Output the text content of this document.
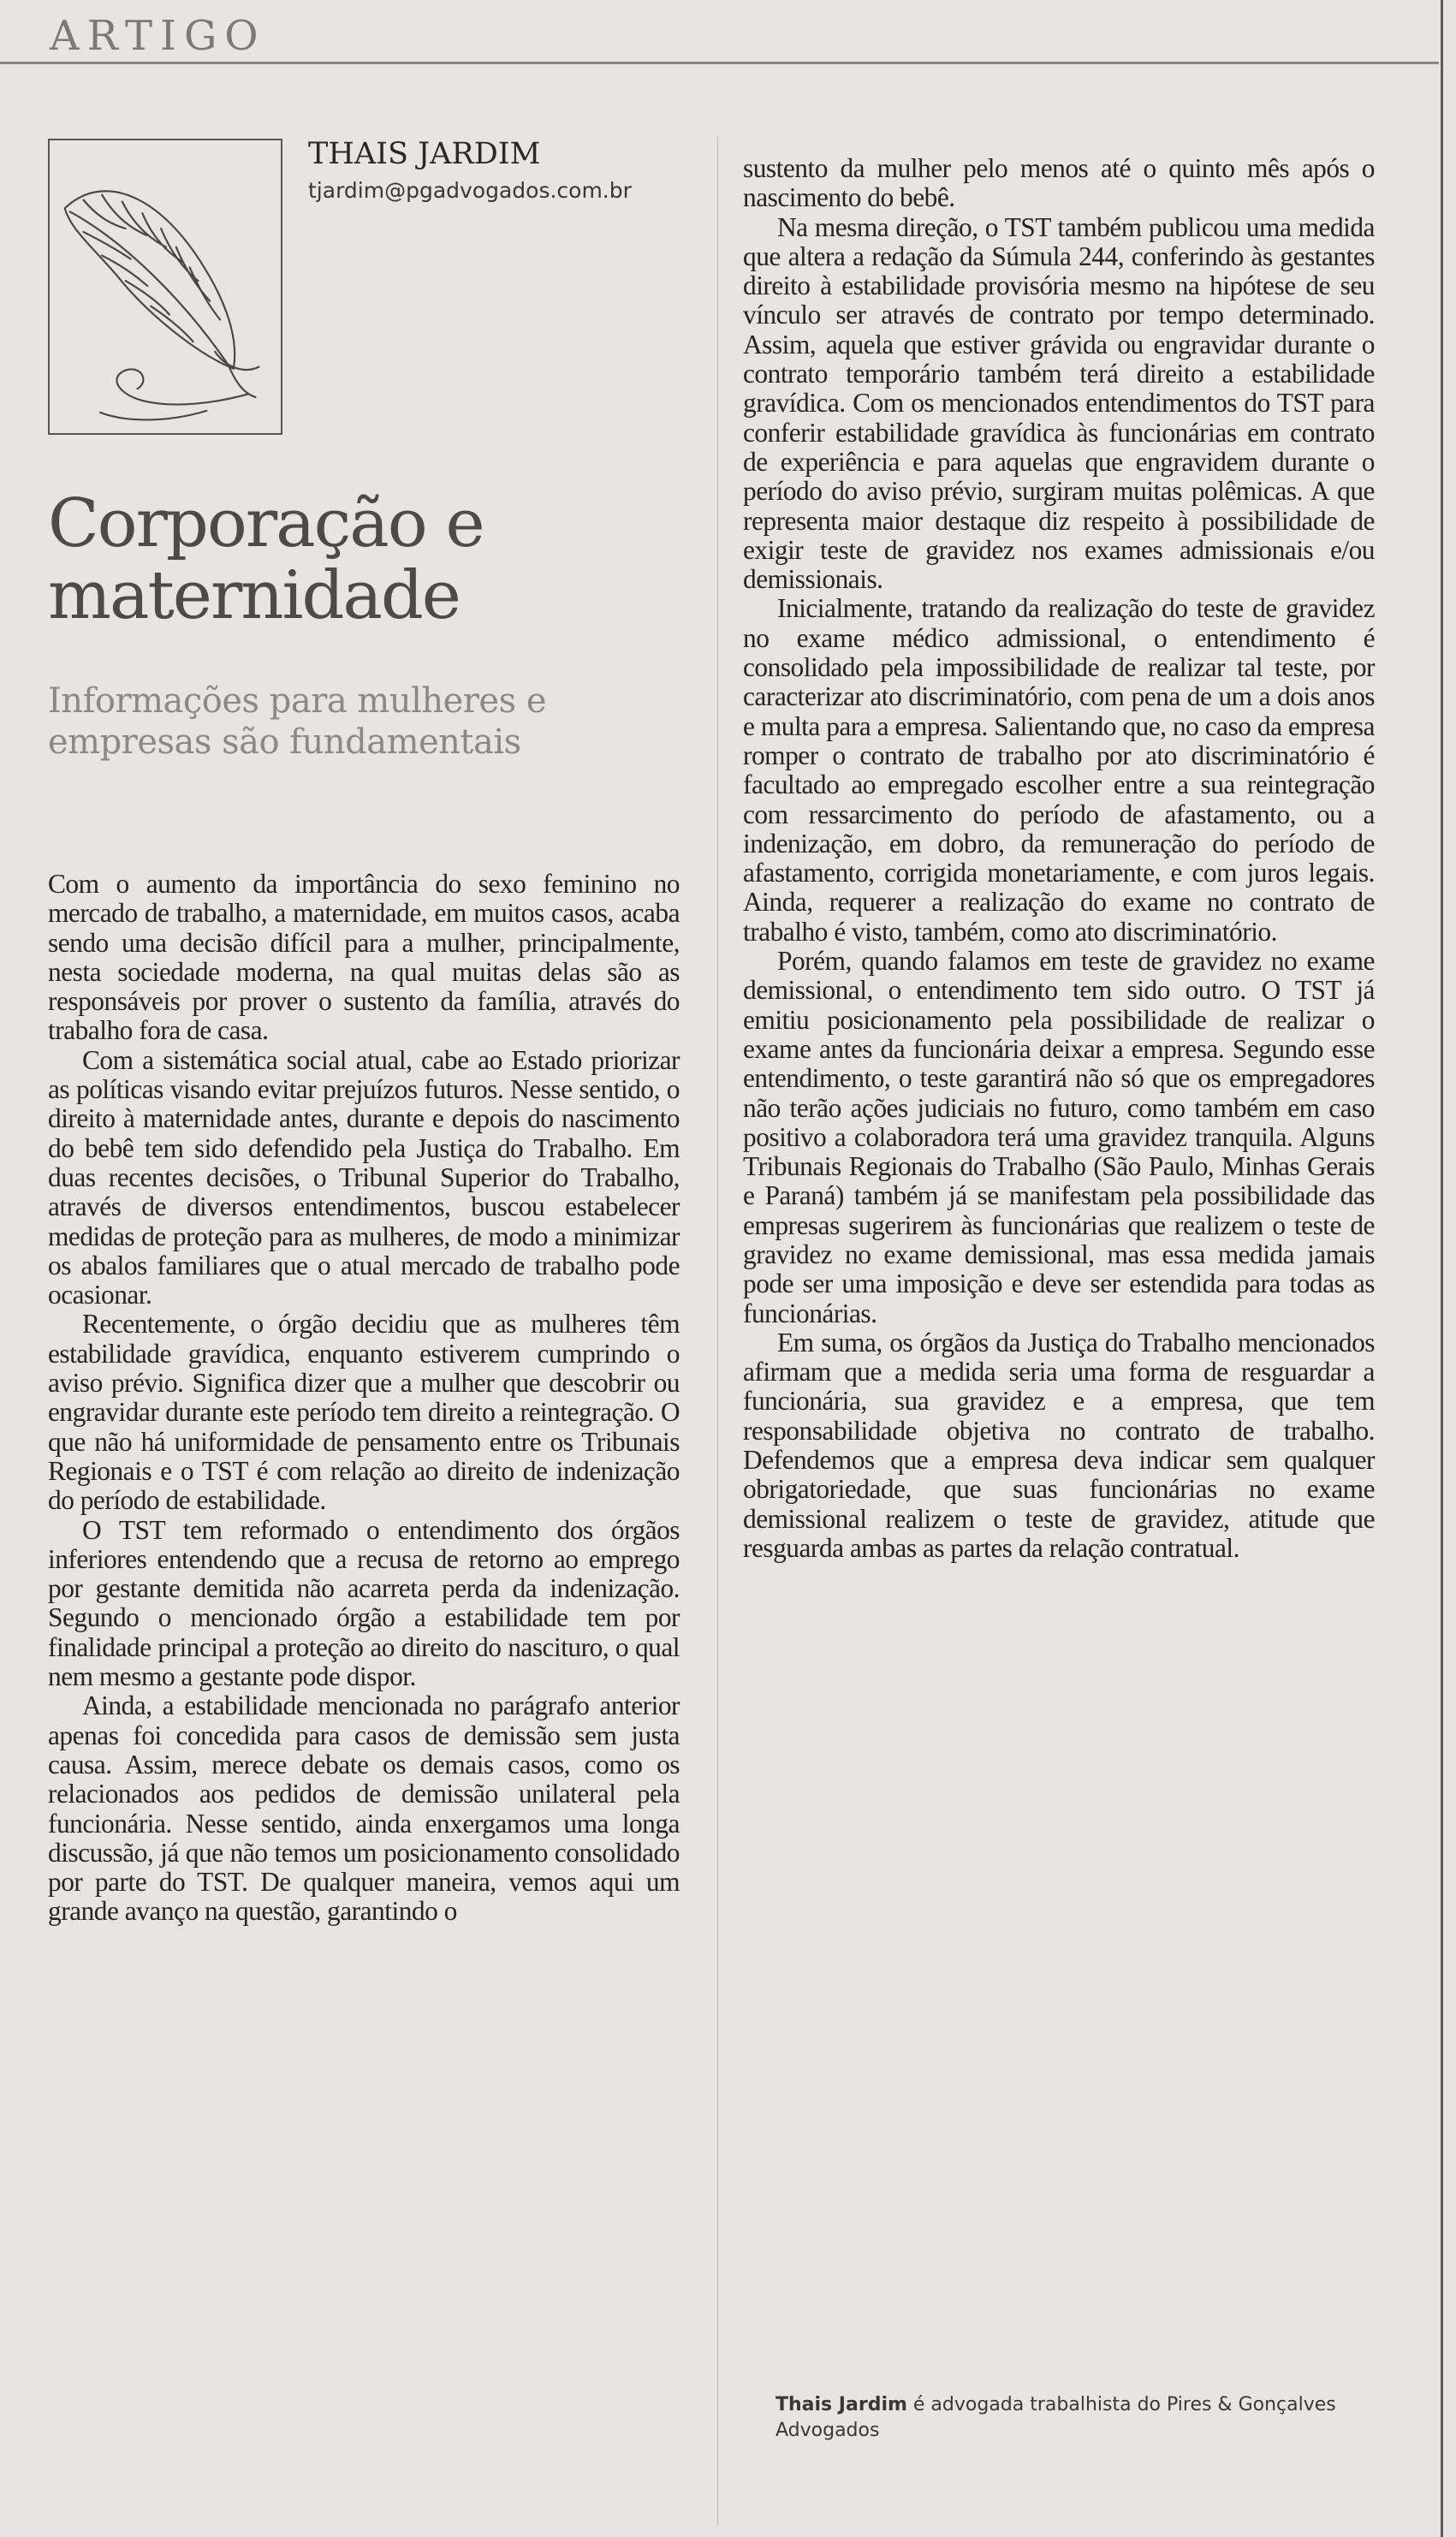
ARTIGO
THAIS JARDIM
tjardim@pgadvogados.com.br
Corporação e
maternidade
Informações para mulheres e
empresas são fundamentais

Com o aumento da importância do sexo feminino no mercado de trabalho, a maternidade, em muitos casos, acaba sendo uma decisão difícil para a mulher, principalmente, nesta sociedade moderna, na qual muitas delas são as responsáveis por prover o sustento da família, através do trabalho fora de casa.

Com a sistemática social atual, cabe ao Estado priorizar as políticas visando evitar prejuízos futuros. Nesse sentido, o direito à maternidade antes, durante e depois do nascimento do bebê tem sido defendido pela Justiça do Trabalho. Em duas recentes decisões, o Tribunal Superior do Trabalho, através de diversos entendimentos, buscou estabelecer medidas de proteção para as mulheres, de modo a minimizar os abalos familiares que o atual mercado de trabalho pode ocasionar.

Recentemente, o órgão decidiu que as mulheres têm estabilidade gravídica, enquanto estiverem cumprindo o aviso prévio. Significa dizer que a mulher que descobrir ou engravidar durante este período tem direito a reintegração. O que não há uniformidade de pensamento entre os Tribunais Regionais e o TST é com relação ao direito de indenização do período de estabilidade.

O TST tem reformado o entendimento dos órgãos inferiores entendendo que a recusa de retorno ao emprego por gestante demitida não acarreta perda da indenização. Segundo o mencionado órgão a estabilidade tem por finalidade principal a proteção ao direito do nascituro, o qual nem mesmo a gestante pode dispor.

Ainda, a estabilidade mencionada no parágrafo anterior apenas foi concedida para casos de demissão sem justa causa. Assim, merece debate os demais casos, como os relacionados aos pedidos de demissão unilateral pela funcionária. Nesse sentido, ainda enxergamos uma longa discussão, já que não temos um posicionamento consolidado por parte do TST. De qualquer maneira, vemos aqui um grande avanço na questão, garantindo o

sustento da mulher pelo menos até o quinto mês após o nascimento do bebê.

Na mesma direção, o TST também publicou uma medida que altera a redação da Súmula 244, conferindo às gestantes direito à estabilidade provisória mesmo na hipótese de seu vínculo ser através de contrato por tempo determinado. Assim, aquela que estiver grávida ou engravidar durante o contrato temporário também terá direito a estabilidade gravídica. Com os mencionados entendimentos do TST para conferir estabilidade gravídica às funcionárias em contrato de experiência e para aquelas que engravidem durante o período do aviso prévio, surgiram muitas polêmicas. A que representa maior destaque diz respeito à possibilidade de exigir teste de gravidez nos exames admissionais e/ou demissionais.

Inicialmente, tratando da realização do teste de gravidez no exame médico admissional, o entendimento é consolidado pela impossibilidade de realizar tal teste, por caracterizar ato discriminatório, com pena de um a dois anos e multa para a empresa. Salientando que, no caso da empresa romper o contrato de trabalho por ato discriminatório é facultado ao empregado escolher entre a sua reintegração com ressarcimento do período de afastamento, ou a indenização, em dobro, da remuneração do período de afastamento, corrigida monetariamente, e com juros legais. Ainda, requerer a realização do exame no contrato de trabalho é visto, também, como ato discriminatório.

Porém, quando falamos em teste de gravidez no exame demissional, o entendimento tem sido outro. O TST já emitiu posicionamento pela possibilidade de realizar o exame antes da funcionária deixar a empresa. Segundo esse entendimento, o teste garantirá não só que os empregadores não terão ações judiciais no futuro, como também em caso positivo a colaboradora terá uma gravidez tranquila. Alguns Tribunais Regionais do Trabalho (São Paulo, Minhas Gerais e Paraná) também já se manifestam pela possibilidade das empresas sugerirem às funcionárias que realizem o teste de gravidez no exame demissional, mas essa medida jamais pode ser uma imposição e deve ser estendida para todas as funcionárias.

Em suma, os órgãos da Justiça do Trabalho mencionados afirmam que a medida seria uma forma de resguardar a funcionária, sua gravidez e a empresa, que tem responsabilidade objetiva no contrato de trabalho. Defendemos que a empresa deva indicar sem qualquer obrigatoriedade, que suas funcionárias no exame demissional realizem o teste de gravidez, atitude que resguarda ambas as partes da relação contratual.

Thais Jardim é advogada trabalhista do Pires & Gonçalves Advogados
